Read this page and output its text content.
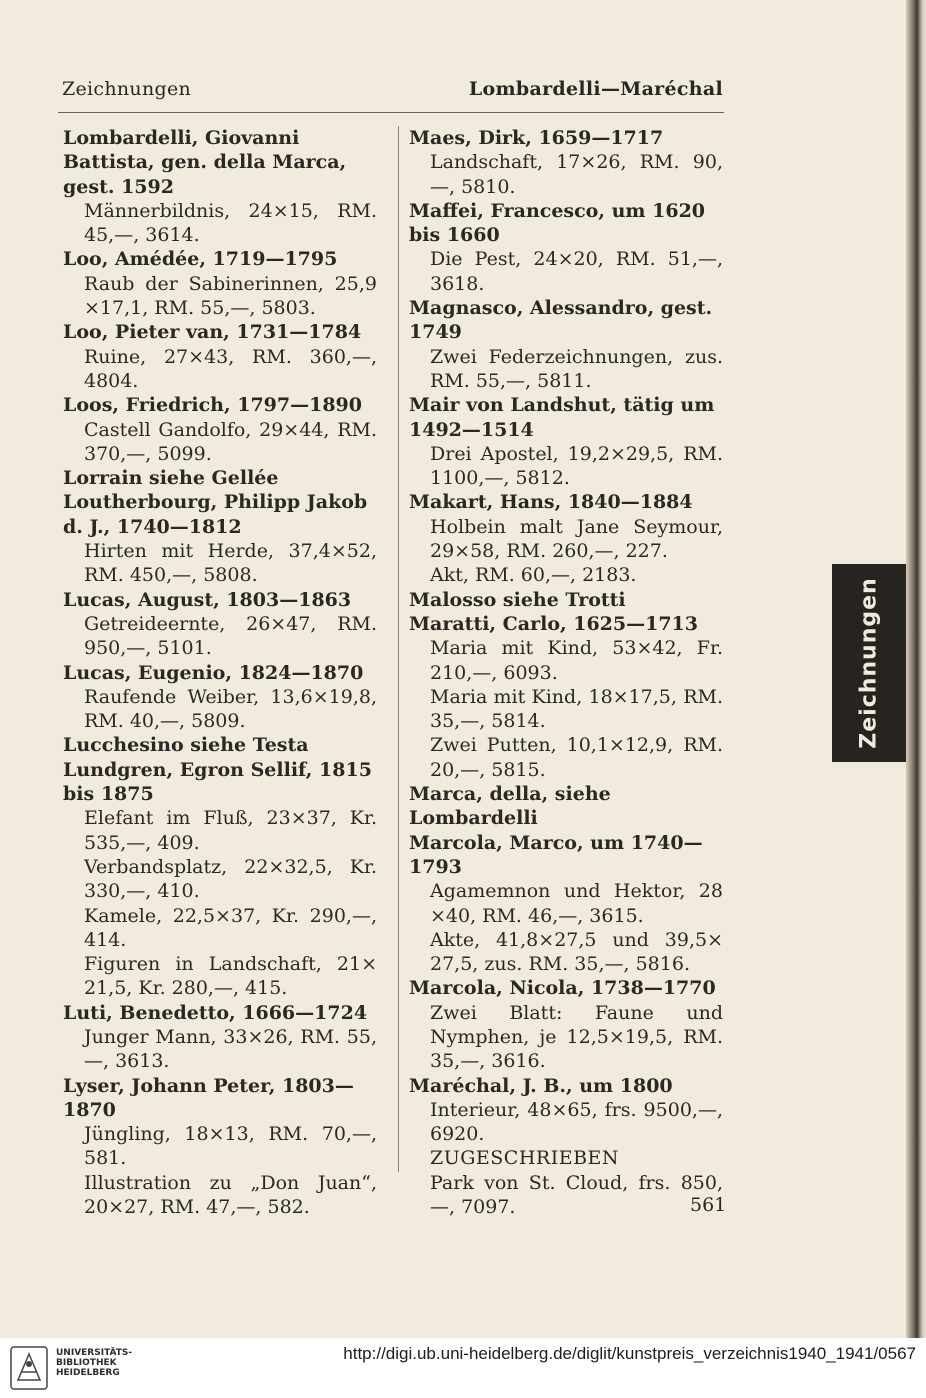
Zeichnungen	Lombardelli—Maréchal
Lombardelli, Giovanni Battista, gen. della Marca, gest. 1592
Männerbildnis, 24×15, RM. 45,—, 3614.
Loo, Amédée, 1719—1795
Raub der Sabinerinnen, 25,9 ×17,1, RM. 55,—, 5803.
Loo, Pieter van, 1731—1784
Ruine, 27×43, RM. 360,—, 4804.
Loos, Friedrich, 1797—1890
Castell Gandolfo, 29×44, RM. 370,—, 5099.
Lorrain siehe Gellée
Loutherbourg, Philipp Jakob d. J., 1740—1812
Hirten mit Herde, 37,4×52, RM. 450,—, 5808.
Lucas, August, 1803—1863
Getreideernte, 26×47, RM. 950,—, 5101.
Lucas, Eugenio, 1824—1870
Raufende Weiber, 13,6×19,8, RM. 40,—, 5809.
Lucchesino siehe Testa
Lundgren, Egron Sellif, 1815 bis 1875
Elefant im Fluß, 23×37, Kr. 535,—, 409.
Verbandsplatz, 22×32,5, Kr. 330,—, 410.
Kamele, 22,5×37, Kr. 290,—, 414.
Figuren in Landschaft, 21× 21,5, Kr. 280,—, 415.
Luti, Benedetto, 1666—1724
Junger Mann, 33×26, RM. 55,—, 3613.
Lyser, Johann Peter, 1803—1870
Jüngling, 18×13, RM. 70,—, 581.
Illustration zu „Don Juan“, 20×27, RM. 47,—, 582.
Maes, Dirk, 1659—1717
Landschaft, 17×26, RM. 90,—, 5810.
Maffei, Francesco, um 1620 bis 1660
Die Pest, 24×20, RM. 51,—, 3618.
Magnasco, Alessandro, gest. 1749
Zwei Federzeichnungen, zus. RM. 55,—, 5811.
Mair von Landshut, tätig um 1492—1514
Drei Apostel, 19,2×29,5, RM. 1100,—, 5812.
Makart, Hans, 1840—1884
Holbein malt Jane Seymour, 29×58, RM. 260,—, 227.
Akt, RM. 60,—, 2183.
Malosso siehe Trotti
Maratti, Carlo, 1625—1713
Maria mit Kind, 53×42, Fr. 210,—, 6093.
Maria mit Kind, 18×17,5, RM. 35,—, 5814.
Zwei Putten, 10,1×12,9, RM. 20,—, 5815.
Marca, della, siehe Lombardelli
Marcola, Marco, um 1740—1793
Agamemnon und Hektor, 28 ×40, RM. 46,—, 3615.
Akte, 41,8×27,5 und 39,5× 27,5, zus. RM. 35,—, 5816.
Marcola, Nicola, 1738—1770
Zwei Blatt: Faune und Nymphen, je 12,5×19,5, RM. 35,—, 3616.
Maréchal, J. B., um 1800
Interieur, 48×65, frs. 9500,—, 6920.
ZUGESCHRIEBEN
Park von St. Cloud, frs. 850,—, 7097.	561
Zeichnungen
UNIVERSITÄTS-
BIBLIOTHEK
HEIDELBERG
http://digi.ub.uni-heidelberg.de/diglit/kunstpreis_verzeichnis1940_1941/0567
